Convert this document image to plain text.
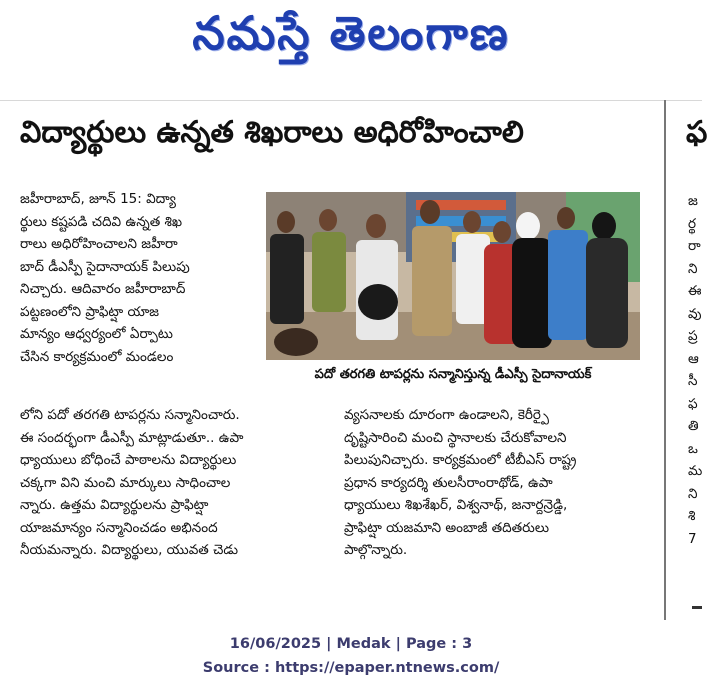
నమస్తే తెలంగాణ
విద్యార్థులు ఉన్నత శిఖరాలు అధిరోహించాలి	ఫ
జహీరాబాద్, జూన్ 15: విద్యా
ర్థులు కష్టపడి చదివి ఉన్నత శిఖ
రాలు అధిరోహించాలని జహీరా
బాద్ డీఎస్పీ సైదానాయక్ పిలుపు
నిచ్చారు. ఆదివారం జహీరాబాద్
పట్టణంలోని ప్రాఫిట్షా యాజ
మాన్యం ఆధ్వర్యంలో ఏర్పాటు
చేసిన కార్యక్రమంలో మండలం
లోని పదో తరగతి టాపర్లను సన్మానించారు.
ఈ సందర్భంగా డీఎస్పీ మాట్లాడుతూ.. ఉపా
ధ్యాయులు బోధించే పాఠాలను విద్యార్థులు
చక్కగా విని మంచి మార్కులు సాధించాల
న్నారు. ఉత్తమ విద్యార్థులను ప్రాఫిట్షా
యాజమాన్యం సన్మానించడం అభినంద
నీయమన్నారు. విద్యార్థులు, యువత చెడు
వ్యసనాలకు దూరంగా ఉండాలని, కెరీర్పై
దృష్టిసారించి మంచి స్థానాలకు చేరుకోవాలని
పిలుపునిచ్చారు. కార్యక్రమంలో టీబీఎస్ రాష్ట్ర
ప్రధాన కార్యదర్శి తులసీరాంరాథోడ్, ఉపా
ధ్యాయులు శిఖశేఖర్, విశ్వనాథ్, జనార్దన్రెడ్డి,
ప్రాఫిట్షా యజమాని అంబాజీ తదితరులు
పాల్గొన్నారు.
పదో తరగతి టాపర్లను సన్మానిస్తున్న డీఎస్పీ సైదానాయక్
జ
ర్థ
రా
ని
ఈ
వు
ప్ర
ఆ
సీ
ఫ
తి
ఒ
మ
ని
శి
7
16/06/2025 | Medak | Page : 3
Source : https://epaper.ntnews.com/
